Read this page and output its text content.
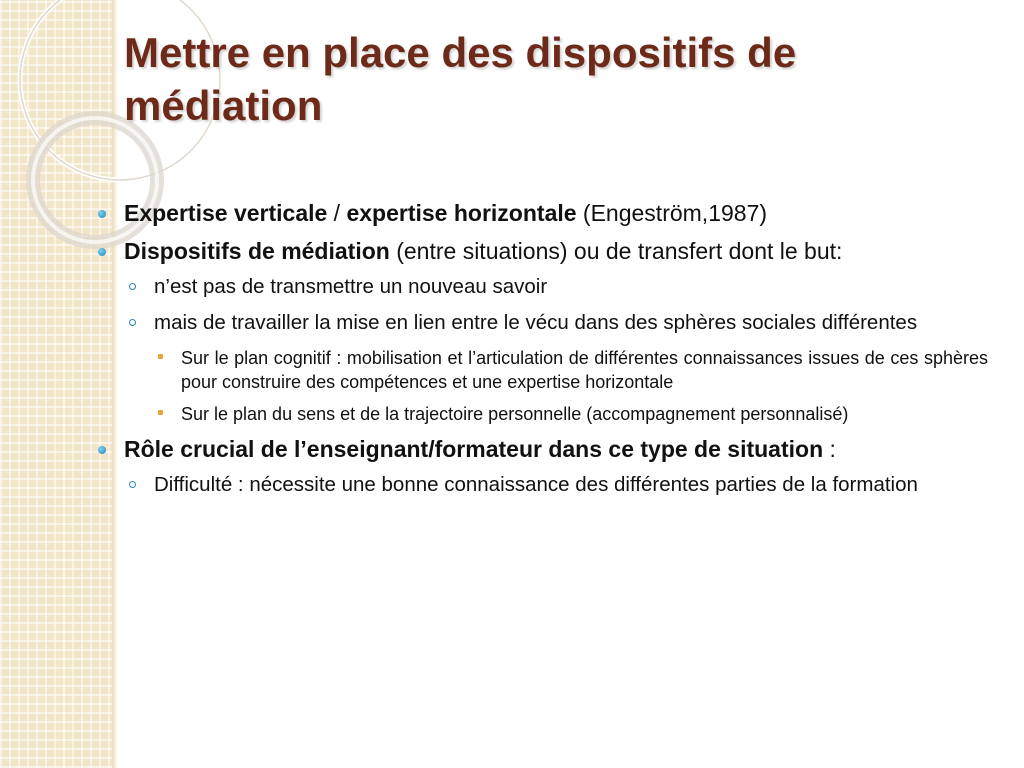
Mettre en place des dispositifs de médiation
Expertise verticale / expertise horizontale (Engeström,1987)
Dispositifs de médiation (entre situations) ou de transfert dont le but:
n’est pas de transmettre un nouveau savoir
mais de travailler la mise en lien entre le vécu dans des sphères sociales différentes
Sur le plan cognitif : mobilisation et l’articulation de différentes connaissances issues de ces sphères pour construire des compétences et une expertise horizontale
Sur le plan du sens et de la trajectoire personnelle (accompagnement personnalisé)
Rôle crucial de l’enseignant/formateur dans ce type de situation :
Difficulté : nécessite une bonne connaissance des différentes parties de la formation
